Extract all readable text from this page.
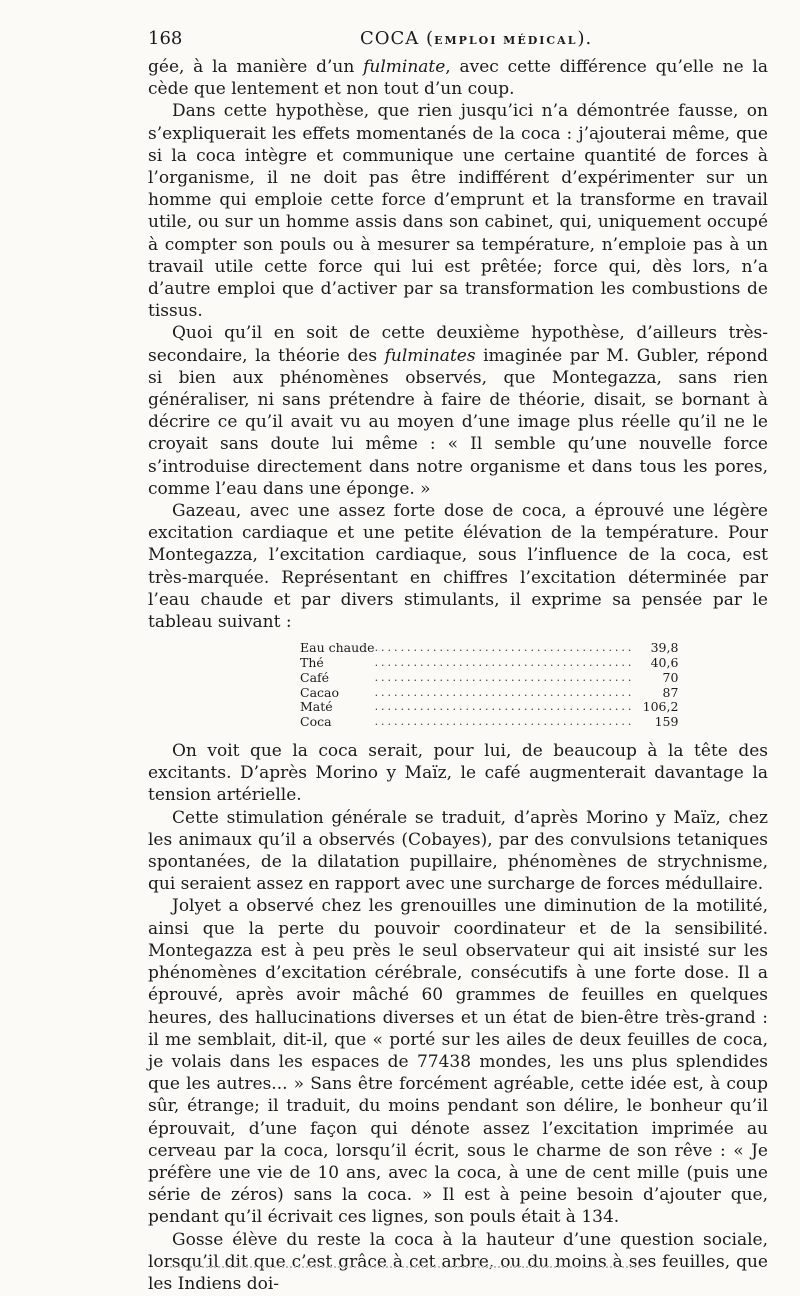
168	COCA (EMPLOI MÉDICAL).

gée, à la manière d’un fulminate, avec cette différence qu’elle ne la cède que lentement et non tout d’un coup.

Dans cette hypothèse, que rien jusqu’ici n’a démontrée fausse, on s’expliquerait les effets momentanés de la coca : j’ajouterai même, que si la coca intègre et communique une certaine quantité de forces à l’organisme, il ne doit pas être indifférent d’expérimenter sur un homme qui emploie cette force d’emprunt et la transforme en travail utile, ou sur un homme assis dans son cabinet, qui, uniquement occupé à compter son pouls ou à mesurer sa température, n’emploie pas à un travail utile cette force qui lui est prêtée; force qui, dès lors, n’a d’autre emploi que d’activer par sa transformation les combustions de tissus.

Quoi qu’il en soit de cette deuxième hypothèse, d’ailleurs très-secondaire, la théorie des fulminates imaginée par M. Gubler, répond si bien aux phénomènes observés, que Montegazza, sans rien généraliser, ni sans prétendre à faire de théorie, disait, se bornant à décrire ce qu’il avait vu au moyen d’une image plus réelle qu’il ne le croyait sans doute lui même : « Il semble qu’une nouvelle force s’introduise directement dans notre organisme et dans tous les pores, comme l’eau dans une éponge. »

Gazeau, avec une assez forte dose de coca, a éprouvé une légère excitation cardiaque et une petite élévation de la température. Pour Montegazza, l’excitation cardiaque, sous l’influence de la coca, est très-marquée. Représentant en chiffres l’excitation déterminée par l’eau chaude et par divers stimulants, il exprime sa pensée par le tableau suivant :

Eau chaude	........................................	39,8
Thé	........................................	40,6
Café	........................................	70
Cacao	........................................	87
Maté	........................................	106,2
Coca	........................................	159

On voit que la coca serait, pour lui, de beaucoup à la tête des excitants. D’après Morino y Maïz, le café augmenterait davantage la tension artérielle.

Cette stimulation générale se traduit, d’après Morino y Maïz, chez les animaux qu’il a observés (Cobayes), par des convulsions tetaniques spontanées, de la dilatation pupillaire, phénomènes de strychnisme, qui seraient assez en rapport avec une surcharge de forces médullaire.

Jolyet a observé chez les grenouilles une diminution de la motilité, ainsi que la perte du pouvoir coordinateur et de la sensibilité. Montegazza est à peu près le seul observateur qui ait insisté sur les phénomènes d’excitation cérébrale, consécutifs à une forte dose. Il a éprouvé, après avoir mâché 60 grammes de feuilles en quelques heures, des hallucinations diverses et un état de bien-être très-grand : il me semblait, dit-il, que « porté sur les ailes de deux feuilles de coca, je volais dans les espaces de 77438 mondes, les uns plus splendides que les autres... » Sans être forcément agréable, cette idée est, à coup sûr, étrange; il traduit, du moins pendant son délire, le bonheur qu’il éprouvait, d’une façon qui dénote assez l’excitation imprimée au cerveau par la coca, lorsqu’il écrit, sous le charme de son rêve : « Je préfère une vie de 10 ans, avec la coca, à une de cent mille (puis une série de zéros) sans la coca. » Il est à peine besoin d’ajouter que, pendant qu’il écrivait ces lignes, son pouls était à 134.

Gosse élève du reste la coca à la hauteur d’une question sociale, lorsqu’il dit que c’est grâce à cet arbre, ou du moins à ses feuilles, que les Indiens doi-
